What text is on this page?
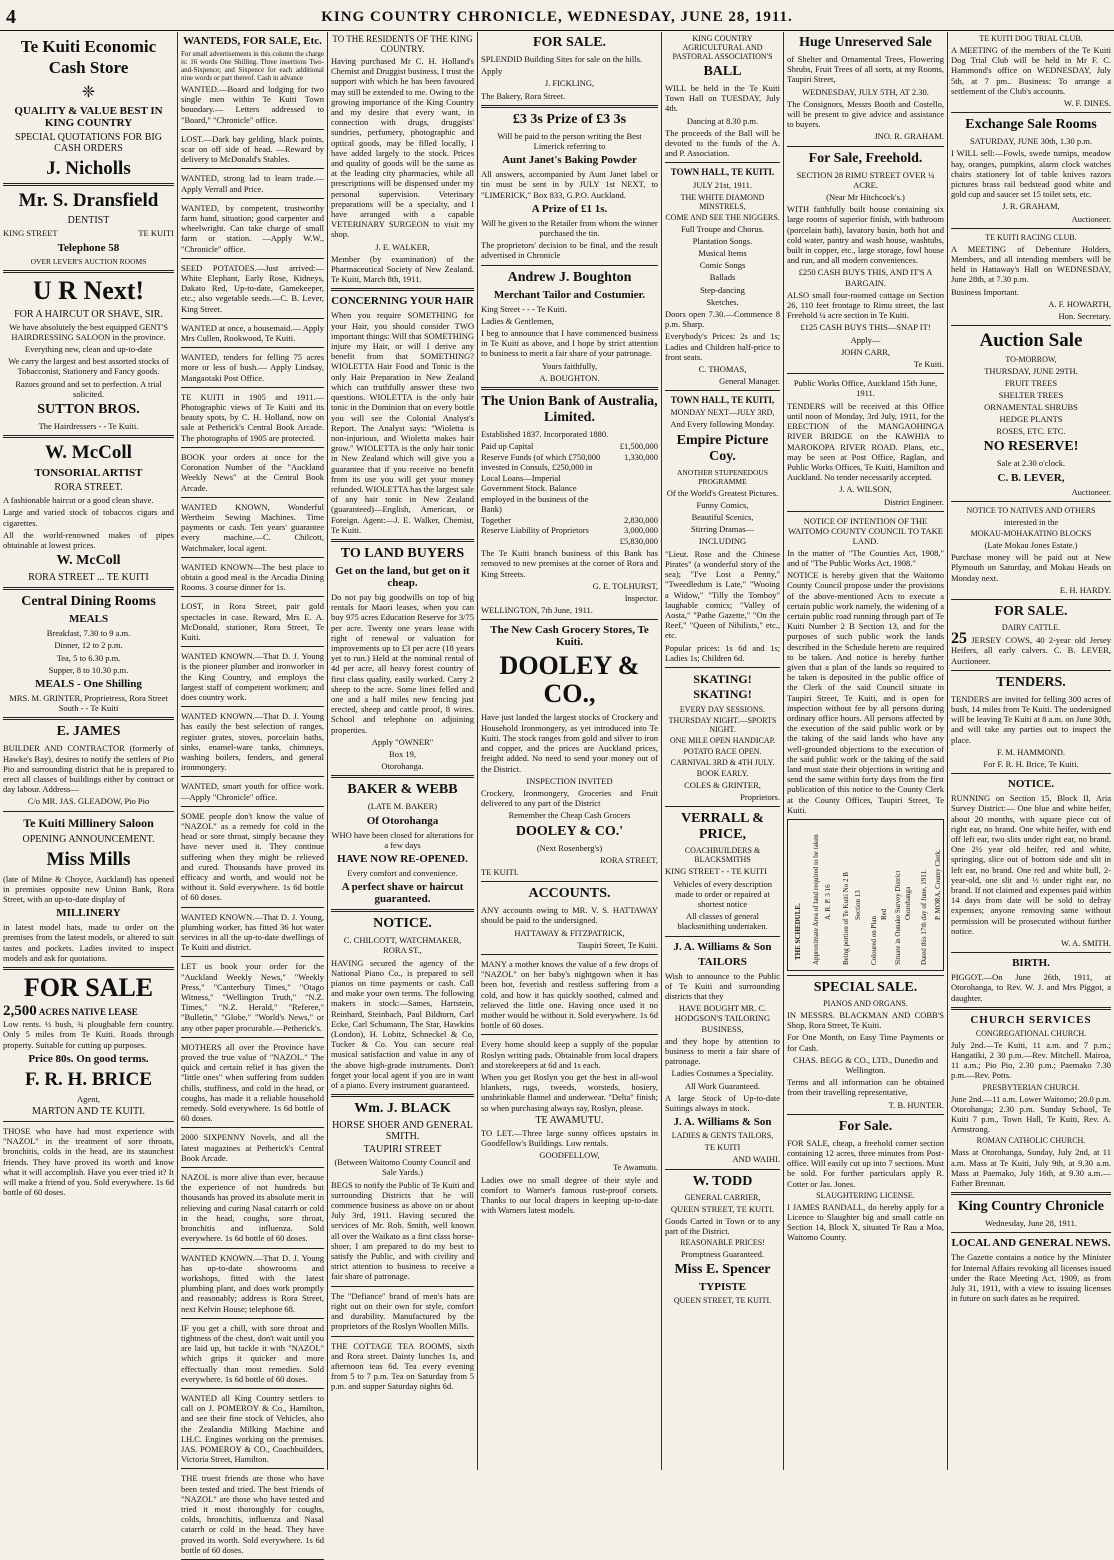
4	KING COUNTRY CHRONICLE, WEDNESDAY, JUNE 28, 1911.
Te Kuiti Economic Cash Store
❈
QUALITY & VALUE BEST IN KING COUNTRY
SPECIAL QUOTATIONS FOR BIG CASH ORDERS
J. Nicholls
Mr. S. Dransfield
DENTIST
KING STREET	TE KUITI
Telephone 58
OVER LEVER'S AUCTION ROOMS
U R Next!
FOR A HAIRCUT OR SHAVE, SIR.
We have absolutely the best equipped GENT'S HAIRDRESSING SALOON in the province.
Everything new, clean and up-to-date
We carry the largest and best assorted stocks of Tobacconist, Stationery and Fancy goods.
Razors ground and set to perfection. A trial solicited.
SUTTON BROS.
The Hairdressers - - Te Kuiti.
W. McColl
TONSORIAL ARTIST
RORA STREET.
A fashionable haircut or a good clean shave.
Large and varied stock of tobaccos cigars and cigarettes.
All the world-renowned makes of pipes obtainable at lowest prices.
W. McColl
RORA STREET ... TE KUITI
Central Dining Rooms
MEALS
Breakfast, 7.30 to 9 a.m.
Dinner, 12 to 2 p.m.
Tea, 5 to 6.30 p.m.
Supper, 8 to 10.30 p.m.
MEALS - One Shilling
MRS. M. GRINTER, Proprietress, Rora Street South - - Te Kuiti
E. JAMES
BUILDER AND CONTRACTOR (formerly of Hawke's Bay), desires to notify the settlers of Pio Pio and surrounding district that he is prepared to erect all classes of buildings either by contract or day labour. Address—
C/o MR. JAS. GLEADOW, Pio Pio
Te Kuiti Millinery Saloon
OPENING ANNOUNCEMENT.
Miss Mills
(late of Milne & Choyce, Auckland) has opened in premises opposite new Union Bank, Rora Street, with an up-to-date display of
MILLINERY
in latest model hats, made to order on the premises from the latest models, or altered to suit tastes and pockets. Ladies invited to inspect models and ask for quotations.
FOR SALE
2,500 ACRES NATIVE LEASE
Low rents. ½ bush, ¾ ploughable fern country. Only 5 miles from Te Kuiti. Roads through property. Suitable for cutting up purposes.
Price 80s. On good terms.
F. R. H. BRICE
Agent,
MARTON AND TE KUITI.
THOSE who have had most experience with "NAZOL" in the treatment of sore throats, bronchitis, colds in the head, are its staunchest friends. They have proved its worth and know what it will accomplish. Have you ever tried it? It will make a friend of you. Sold everywhere. 1s 6d bottle of 60 doses.
WANTEDS, FOR SALE, Etc.
For small advertisements in this column the charge is: 16 words One Shilling. Three insertions Two-and-Sixpence; and Sixpence for each additional nine words or part thereof. Cash in advance
WANTED.—Board and lodging for two single men within Te Kuiti Town boundary.— Letters addressed to "Board," "Chronicle" office.
LOST.—Dark bay gelding, black points, scar on off side of head. —Reward by delivery to McDonald's Stables.
WANTED, strong lad to learn trade.—Apply Verrall and Price.
WANTED, by competent, trustworthy farm hand, situation; good carpenter and wheelwright. Can take charge of small farm or station. —Apply W.W., "Chronicle" office.
SEED POTATOES.—Just arrived:— White Elephant, Early Rose, Kidneys, Dakato Red, Up-to-date, Gamekeeper, etc.; also vegetable seeds.—C. B. Lever, King Street.
WANTED at once, a housemaid.— Apply Mrs Cullen, Rookwood, Te Kuiti.
WANTED, tenders for felling 75 acres more or less of bush.— Apply Lindsay, Mangaotaki Post Office.
TE KUITI in 1905 and 1911.—Photographic views of Te Kuiti and its beauty spots, by C. H. Holland, now on sale at Petherick's Central Book Arcade. The photographs of 1905 are protected.
BOOK your orders at once for the Coronation Number of the "Auckland Weekly News" at the Central Book Arcade.
WANTED KNOWN, Wonderful Wertheim Sewing Machines. Time payments or cash. Ten years' guarantee every machine.—C. Chilcott, Watchmaker, local agent.
WANTED KNOWN—The best place to obtain a good meal is the Arcadia Dining Rooms. 3 course dinner for 1s.
LOST, in Rora Street, pair gold spectacles in case. Reward, Mrs E. A. McDonald, stationer, Rora Street, Te Kuiti.
WANTED KNOWN.—That D. J. Young is the pioneer plumber and ironworker in the King Country, and employs the largest staff of competent workmen; and does country work.
WANTED KNOWN.—That D. J. Young has easily the best selection of ranges, register grates, stoves, porcelain baths, sinks, enamel-ware tanks, chimneys, washing boilers, fenders, and general ironmongery.
WANTED, smart youth for office work.—Apply "Chronicle" office.
SOME people don't know the value of "NAZOL" as a remedy for cold in the head or sore throat, simply because they have never used it. They continue suffering when they might be relieved and cured. Thousands have proved its efficacy and worth, and would not be without it. Sold everywhere. 1s 6d bottle of 60 doses.
WANTED KNOWN.—That D. J. Young, plumbing worker, has fitted 36 hot water services in all the up-to-date dwellings of Te Kuiti and district.
LET us book your order for the "Auckland Weekly News," "Weekly Press," "Canterbury Times," "Otago Witness," "Wellington Truth," "N.Z. Times," "N.Z. Herald," "Referee," "Bulletin," "Globe," "World's News," or any other paper procurable.—Petherick's.
MOTHERS all over the Province have proved the true value of "NAZOL." The quick and certain relief it has given the "little ones" when suffering from sudden chills, stuffiness, and cold in the head, or coughs, has made it a reliable household remedy. Sold everywhere. 1s 6d bottle of 60 doses.
2000 SIXPENNY Novels, and all the latest magazines at Petherick's Central Book Arcade.
NAZOL is more alive than ever, because the experience of not hundreds but thousands has proved its absolute merit in relieving and curing Nasal catarrh or cold in the head, coughs, sore throat, bronchitis and influenza. Sold everywhere. 1s 6d bottle of 60 doses.
WANTED KNOWN.—That D. J. Young has up-to-date showrooms and workshops, fitted with the latest plumbing plant, and does work promptly and reasonably; address is Rora Street, next Kelvin House; telephone 68.
IF you get a chill, with sore throat and tightness of the chest, don't wait until you are laid up, but tackle it with "NAZOL" which grips it quicker and more effectually than most remedies. Sold everywhere. 1s 6d bottle of 60 doses.
WANTED all King Country settlers to call on J. POMEROY & Co., Hamilton, and see their fine stock of Vehicles, also the Zealandia Milking Machine and I.H.C. Engines working on the premises. JAS. POMEROY & CO., Coachbuilders, Victoria Street, Hamilton.
THE truest friends are those who have been tested and tried. The best friends of "NAZOL" are those who have tested and tried it most thoroughly for coughs, colds, bronchitis, influenza and Nasal catarrh or cold in the head. They have proved its worth. Sold everywhere. 1s 6d bottle of 60 doses.
TO THE RESIDENTS OF THE KING COUNTRY.
Having purchased Mr C. H. Holland's Chemist and Druggist business, I trust the support with which he has been favoured may still be extended to me. Owing to the growing importance of the King Country and my desire that every want, in connection with drugs, druggists' sundries, perfumery, photographic and optical goods, may be filled locally, I have added largely to the stock. Prices and quality of goods will be the same as at the leading city pharmacies, while all prescriptions will be dispensed under my personal supervision. Veterinary preparations will be a specialty, and I have arranged with a capable VETERINARY SURGEON to visit my shop.
J. E. WALKER,
Member (by examination) of the Pharmaceutical Society of New Zealand. Te Kuiti, March 8th, 1911.
CONCERNING YOUR HAIR
When you require SOMETHING for your Hair, you should consider TWO important things: Will that SOMETHING injure my Hair, or will I derive any benefit from that SOMETHING? WIOLETTA Hair Food and Tonic is the only Hair Preparation in New Zealand which can truthfully answer these two questions. WIOLETTA is the only hair tonic in the Dominion that on every bottle you will see the Colonial Analyst's Report. The Analyst says: "Wioletta is non-injurious, and Wioletta makes hair grow." WIOLETTA is the only hair tonic in New Zealand which will give you a guarantee that if you receive no benefit from its use you will get your money refunded. WIOLETTA has the largest sale of any hair tonic in New Zealand (guaranteed)—English, American, or Foreign. Agent:—J. E. Walker, Chemist, Te Kuiti.
TO LAND BUYERS
Get on the land, but get on it cheap.
Do not pay big goodwills on top of big rentals for Maori leases, when you can buy 975 acres Education Reserve for 3/75 per acre. Twenty one years lease with right of renewal or valuation for improvements up to £3 per acre (18 years yet to run.) Held at the nominal rental of 4d per acre, all heavy forest country of first class quality, easily worked. Carry 2 sheep to the acre. Some lines felled and one and a half miles new fencing just erected, sheep and cattle proof, 8 wires. School and telephone on adjoining properties.
Apply "OWNER"
Box 19,
Otorohanga.
BAKER & WEBB
(LATE M. BAKER)
Of Otorohanga
WHO have been closed for alterations for a few days
HAVE NOW RE-OPENED.
Every comfort and convenience.
A perfect shave or haircut guaranteed.
NOTICE.
C. CHILCOTT, WATCHMAKER, RORA ST.,
HAVING secured the agency of the National Piano Co., is prepared to sell pianos on time payments or cash. Call and make your own terms. The following makers in stock:—Sames, Hartstein, Reinhard, Steinbach, Paul Bildtorn, Carl Ecke, Carl Schumann, The Star, Hawkins (London), H. Lobitz, Schneckel & Co, Tucker & Co. You can secure real musical satisfaction and value in any of the above high-grade instruments. Don't forget your local agent if you are in want of a piano. Every instrument guaranteed.
Wm. J. BLACK
HORSE SHOER AND GENERAL SMITH.
TAUPIRI STREET
(Between Waitomo County Council and Sale Yards.)
BEGS to notify the Public of Te Kuiti and surrounding Districts that he will commence business as above on or about July 3rd, 1911. Having secured the services of Mr. Rob. Smith, well known all over the Waikato as a first class horse-shoer, I am prepared to do my best to satisfy the Public, and with civility and strict attention to business to receive a fair share of patronage.
The "Defiance" brand of men's hats are right out on their own for style, comfort and durability. Manufactured by the proprietors of the Roslyn Woollen Mills.
THE COTTAGE TEA ROOMS, sixth and Rora street. Dainty lunches 1s, and afternoon teas 6d. Tea every evening from 5 to 7 p.m. Tea on Saturday from 5 p.m. and supper Saturday nights 6d.
FOR SALE.
SPLENDID Building Sites for sale on the hills.
Apply
J. FICKLING,
The Bakery, Rora Street.
£3 3s Prize of £3 3s
Will be paid to the person writing the Best Limerick referring to
Aunt Janet's Baking Powder
All answers, accompanied by Aunt Janet label or tin must be sent in by JULY 1st NEXT, to "LIMERICK," Box 833, G.P.O. Auckland.
A Prize of £1 1s.
Will be given to the Retailer from whom the winner purchased the tin.
The proprietors' decision to be final, and the result advertised in Chronicle
Andrew J. Boughton
Merchant Tailor and Costumier.
King Street - - - Te Kuiti.
Ladies & Gentlemen,
I beg to announce that I have commenced business in Te Kuiti as above, and I hope by strict attention to business to merit a fair share of your patronage.
Yours faithfully,
A. BOUGHTON.
The Union Bank of Australia, Limited.
Established 1837. Incorporated 1880.
Paid up Capital	£1,500,000
Reserve Funds (of which £750,000 invested in Consuls, £250,000 in Local Loans—Imperial Government Stock. Balance employed in the business of the Bank)
1,330,000
Together	2,830,000
Reserve Liability of Proprietors	3,000,000
£5,830,000
The Te Kuiti branch business of this Bank has removed to new premises at the corner of Rora and King Streets.
G. E. TOLHURST,
Inspector.
WELLINGTON, 7th June, 1911.
The New Cash Grocery Stores, Te Kuiti.
DOOLEY & CO.,
Have just landed the largest stocks of Crockery and Household Ironmongery, as yet introduced into Te Kuiti. The stock ranges from gold and silver to iron and copper, and the prices are Auckland prices, freight added. No need to send your money out of the District.
INSPECTION INVITED
Crockery, Ironmongery, Groceries and Fruit delivered to any part of the District
Remember the Cheap Cash Grocers
DOOLEY & CO.'
(Next Rosenberg's)
RORA STREET,
TE KUITI.
ACCOUNTS.
ANY accounts owing to MR. V. S. HATTAWAY should be paid to the undersigned.
HATTAWAY & FITZPATRICK,
Taupiri Street, Te Kuiti.
MANY a mother knows the value of a few drops of "NAZOL" on her baby's nightgown when it has been hot, feverish and restless suffering from a cold, and how it has quickly soothed, calmed and relieved the little one. Having once used it no mother would be without it. Sold everywhere. 1s 6d bottle of 60 doses.
Every home should keep a supply of the popular Roslyn writing pads. Obtainable from local drapers and storekeepers at 6d and 1s each.
When you get Roslyn you get the best in all-wool blankets, rugs, tweeds, worsteds, hosiery, unshrinkable flannel and underwear. "Delta" finish; so when purchasing always say, Roslyn, please.
TE AWAMUTU.
TO LET.—Three large sunny offices upstairs in Goodfellow's Buildings. Low rentals.
GOODFELLOW,
Te Awamutu.
Ladies owe no small degree of their style and comfort to Warner's famous rust-proof corsets. Thanks to our local drapers in keeping up-to-date with Warners latest models.
KING COUNTRY AGRICULTURAL AND PASTORAL ASSOCIATION'S
BALL
WILL be held in the Te Kuiti Town Hall on TUESDAY, July 4th.
Dancing at 8.30 p.m.
The proceeds of the Ball will be devoted to the funds of the A. and P. Association.
TOWN HALL, TE KUITI.
JULY 21st, 1911.
THE WHITE DIAMOND MINSTRELS,
COME AND SEE THE NIGGERS.
Full Troupe and Chorus.
Plantation Songs.
Musical Items
Comic Songs
Ballads
Step-dancing
Sketches.
Doors open 7.30.—Commence 8 p.m. Sharp.
Everybody's Prices: 2s and 1s; Ladies and Children half-price to front seats.
C. THOMAS,
General Manager.
TOWN HALL, TE KUITI,
MONDAY NEXT—JULY 3RD,
And Every following Monday.
Empire Picture Coy.
ANOTHER STUPENEDOUS PROGRAMME
Of the World's Greatest Pictures.
Funny Comics,
Beautiful Scenics,
Stirring Dramas—
INCLUDING
"Lieut. Rose and the Chinese Pirates" (a wonderful story of the sea); "I've Lost a Penny," "Tweedledum is Late," "Wooing a Widow," "Tilly the Tomboy" laughable comics; "Valley of Aosta," "Pathe Gazette," "On the Reef," "Queen of Nihilists," etc., etc.
Popular prices: 1s 6d and 1s; Ladies 1s; Children 6d.
SKATING! SKATING!
EVERY DAY SESSIONS.
THURSDAY NIGHT.—SPORTS NIGHT.
ONE MILE OPEN HANDICAP.
POTATO RACE OPEN.
CARNIVAL 3RD & 4TH JULY.
BOOK EARLY.
COLES & GRINTER,
Proprietors.
VERRALL & PRICE,
COACHBUILDERS & BLACKSMITHS
KING STREET - - TE KUITI
Vehicles of every description made to order or repaired at shortest notice
All classes of general blacksmithing undertaken.
J. A. Williams & Son
TAILORS
Wish to announce to the Public of Te Kuiti and surrounding districts that they
HAVE BOUGHT MR. C. HODGSON'S TAILORING BUSINESS,
and they hope by attention to business to merit a fair share of patronage.
Ladies Costumes a Speciality.
All Work Guaranteed.
A large Stock of Up-to-date Suitings always in stock.
J. A. Williams & Son
LADIES & GENTS TAILORS,
TE KUITI
AND WAIHI.
W. TODD
GENERAL CARRIER,
QUEEN STREET, TE KUITI.
Goods Carted in Town or to any part of the District.
REASONABLE PRICES!
Promptness Guaranteed.
Miss E. Spencer
TYPISTE
QUEEN STREET, TE KUITI.
Huge Unreserved Sale
of Shelter and Ornamental Trees, Flowering Shrubs, Fruit Trees of all sorts, at my Rooms, Taupiri Street,
WEDNESDAY, JULY 5TH, AT 2.30.
The Consignors, Messrs Booth and Costello, will be present to give advice and assistance to buyers.
JNO. R. GRAHAM.
For Sale, Freehold.
SECTION 28 RIMU STREET OVER ¼ ACRE.
(Near Mr Hitchcock's.)
WITH faithfully built house containing six large rooms of superior finish, with bathroom (porcelain bath), lavatory basin, both hot and cold water, pantry and wash house, washtubs, built in copper, etc., large storage, fowl house and run, and all modern conveniences.
£250 CASH BUYS THIS, AND IT'S A BARGAIN.
ALSO small four-roomed cottage on Section 26, 110 feet frontage to Rimu street, the last Freehold ¼ acre section in Te Kuiti.
£125 CASH BUYS THIS—SNAP IT!
Apply—
JOHN CARR,
Te Kuiti.
Public Works Office, Auckland 15th June, 1911.
TENDERS will be received at this Office until noon of Monday, 3rd July, 1911, for the ERECTION of the MANGAOHINGA RIVER BRIDGE on the KAWHIA to MAROKOPA RIVER ROAD. Plans, etc., may be seen at Post Office, Raglan, and Public Works Offices, Te Kuiti, Hamilton and Auckland. No tender necessarily accepted.
J. A. WILSON,
District Engineer.
NOTICE OF INTENTION OF THE WAITOMO COUNTY COUNCIL TO TAKE LAND.
In the matter of "The Counties Act, 1908," and of "The Public Works Act, 1908."
NOTICE is hereby given that the Waitomo County Council propose under the provisions of the above-mentioned Acts to execute a certain public work namely, the widening of a certain public road running through part of Te Kuiti Number 2 B Section 13, and for the purposes of such public work the lands described in the Schedule hereto are required to be taken. And notice is hereby further given that a plan of the lands so required to be taken is deposited in the public office of the Clerk of the said Council situate in Taupiri Street, Te Kuiti, and is open for inspection without fee by all persons during ordinary office hours. All persons affected by the execution of the said public work or by the taking of the said lands who have any well-grounded objections to the execution of the said public work or the taking of the said land must state their objections in writing and send the same within forty days from the first publication of this notice to the County Clerk at the County Offices, Taupiri Street, Te Kuiti.
THE SCHEDULE. Approximate Area of land required to be taken A. R. P. 3 16 Being portion of Te Kuiti No 2 B Section 13
Coloured on Plan
Red Situate in Ounake Survey District Otorohanga Dated this 17th day of June, 1911. P. MORA, County Clerk.
SPECIAL SALE.
PIANOS AND ORGANS.
IN MESSRS. BLACKMAN AND COBB'S Shop, Rora Street, Te Kuiti.
For One Month, on Easy Time Payments or for Cash.
CHAS. BEGG & CO., LTD., Dunedin and Wellington.
Terms and all information can be obtained from their travelling representative,
T. B. HUNTER.
For Sale.
FOR SALE, cheap, a freehold corner section containing 12 acres, three minutes from Post-office. Will easily cut up into 7 sections. Must be sold. For further particulars apply R. Cotter or Jas. Jones.
SLAUGHTERING LICENSE.
I JAMES RANDALL, do hereby apply for a Licence to Slaughter big and small cattle on Section 14, Block X, situated Te Rau a Moa, Waitomo County.
TE KUITI DOG TRIAL CLUB.
A MEETING of the members of the Te Kuiti Dog Trial Club will be held in Mr F. C. Hammond's office on WEDNESDAY, July 5th, at 7 pm.. Business: To arrange a settlement of the Club's accounts.
W. F. DINES.
Exchange Sale Rooms
SATURDAY, JUNE 30th, 1.30 p.m.
I WILL sell:—Fowls, swede turnips, meadow hay, oranges, pumpkins, alarm clock watches chairs stationery lot of table knives razors pictures brass rail bedstead good white and gold cup and saucer set 15 toilet sets, etc.
J. R. GRAHAM,
Auctioneer.
TE KUITI RACING CLUB.
A MEETING of Debenture Holders, Members, and all intending members will be held in Hattaway's Hall on WEDNESDAY, June 28th, at 7.30 p.m.
Business Important.
A. F. HOWARTH,
Hon. Secretary.
Auction Sale
TO-MORROW,
THURSDAY, JUNE 29TH.
FRUIT TREES
SHELTER TREES
ORNAMENTAL SHRUBS
HEDGE PLANTS
ROSES, ETC. ETC.
NO RESERVE!
Sale at 2.30 o'clock.
C. B. LEVER,
Auctioneer.
NOTICE TO NATIVES AND OTHERS
interested in the
MOKAU-MOHAKATINO BLOCKS
(Late Mokau Jones Estate.)
Purchase money will be paid out at New Plymouth on Saturday, and Mokau Heads on Monday next.
E. H. HARDY.
FOR SALE.
DAIRY CATTLE.
25 JERSEY COWS, 40 2-year old Jersey Heifers, all early calvers. C. B. LEVER, Auctioneer.
TENDERS.
TENDERS are invited for felling 300 acres of bush, 14 miles from Te Kuiti. The undersigned will be leaving Te Kuiti at 8 a.m. on June 30th, and will take any parties out to inspect the place.
F. M. HAMMOND.
For F. R. H. Brice, Te Kuiti.
NOTICE.
RUNNING on Section 15, Block II, Aria Survey District:— One blue and white heifer, about 20 months, with square piece cut of right ear, no brand. One white heifer, with end off left ear, two slits under right ear, no brand. One 2½ year old heifer, red and white, springing, slice out of bottom side and slit in left ear, no brand. One red and white bull, 2-year-old, one slit and ½ under right ear, no brand. If not claimed and expenses paid within 14 days from date will be sold to defray expenses; anyone removing same without permission will be prosecuted without further notice.
W. A. SMITH.
BIRTH.
PIGGOT.—On June 26th, 1911, at Otorohanga, to Rev. W. J. and Mrs Piggot, a daughter.
CHURCH SERVICES
CONGREGATIONAL CHURCH.
July 2nd.—Te Kuiti, 11 a.m. and 7 p.m.; Hangatiki, 2 30 p.m.—Rev. Mitchell. Mairoa, 11 a.m.; Pio Pio, 2.30 p.m.; Paemako 7.30 p.m.—Rev. Potts.
PRESBYTERIAN CHURCH.
June 2nd.—11 a.m. Lower Waitomo; 20.0 p.m. Otorohanga; 2.30 p.m. Sunday School, Te Kuiti 7 p.m., Town Hall, Te Kuiti, Rev. A. Armstrong.
ROMAN CATHOLIC CHURCH.
Mass at Otorohanga, Sunday, July 2nd, at 11 a.m. Mass at Te Kuiti, July 9th, at 9.30 a.m. Mass at Paemako, July 16th, at 9.30 a.m.—Father Brennan.
King Country Chronicle
Wednesday, June 28, 1911.
LOCAL AND GENERAL NEWS.
The Gazette contains a notice by the Minister for Internal Affairs revoking all licenses issued under the Race Meeting Act, 1909, as from July 31, 1911, with a view to issuing licenses in future on such dates as be required.
